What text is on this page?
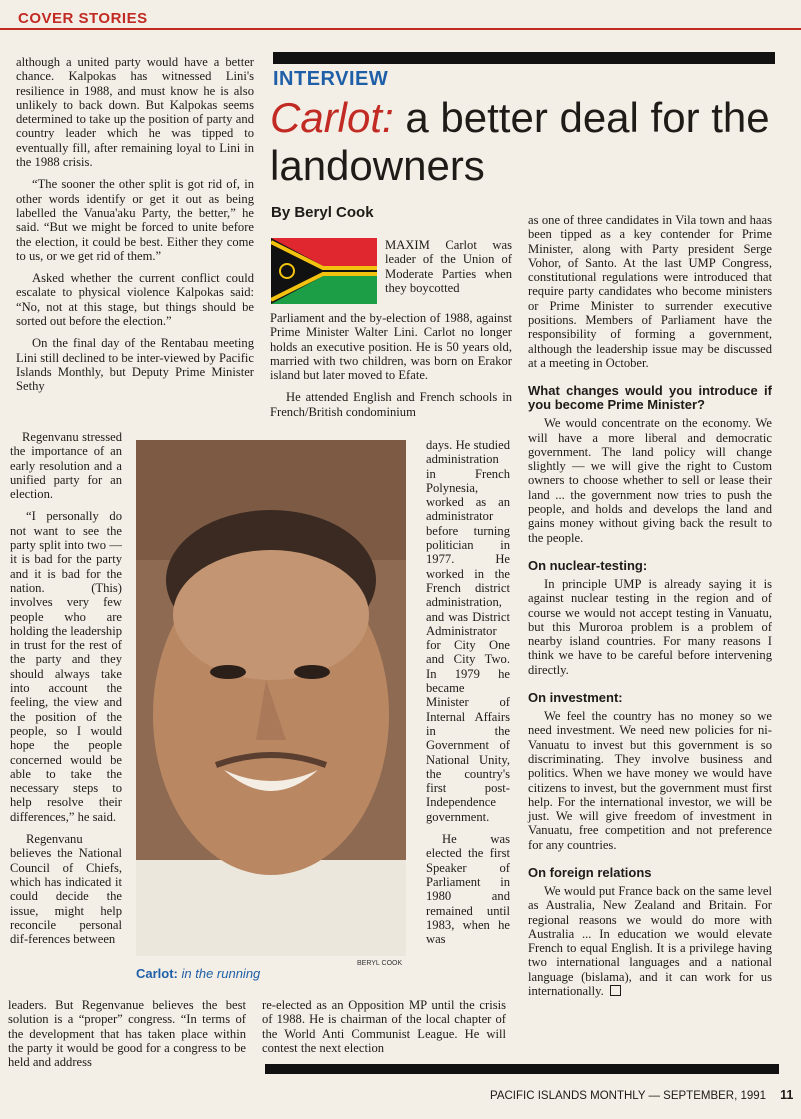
COVER STORIES

although a united party would have a better chance. Kalpokas has witnessed Lini's resilience in 1988, and must know he is also unlikely to back down. But Kalpokas seems determined to take up the position of party and country leader which he was tipped to eventually fill, after remaining loyal to Lini in the 1988 crisis.

“The sooner the other split is got rid of, in other words identify or get it out as being labelled the Vanua'aku Party, the better,” he said. “But we might be forced to unite before the election, it could be best. Either they come to us, or we get rid of them.”

Asked whether the current conflict could escalate to physical violence Kalpokas said: “No, not at this stage, but things should be sorted out before the election.”

On the final day of the Rentabau meeting Lini still declined to be inter-viewed by Pacific Islands Monthly, but Deputy Prime Minister Sethy

Regenvanu stressed the importance of an early resolution and a unified party for an election.

“I personally do not want to see the party split into two — it is bad for the party and it is bad for the nation. (This) involves very few people who are holding the leadership in trust for the rest of the party and they should always take into account the feeling, the view and the position of the people, so I would hope the people concerned would be able to take the necessary steps to help resolve their differences,” he said.

Regenvanu believes the National Council of Chiefs, which has indicated it could decide the issue, might help reconcile personal dif-ferences between

leaders. But Regenvanue believes the best solution is a “proper” congress. “In terms of the development that has taken place within the party it would be good for a congress to be held and address

INTERVIEW
Carlot: a better deal for the landowners
By Beryl Cook

MAXIM Carlot was leader of the Union of Moderate Parties when they boycotted

Parliament and the by-election of 1988, against Prime Minister Walter Lini. Carlot no longer holds an executive position. He is 50 years old, married with two children, was born on Erakor island but later moved to Efate.

He attended English and French schools in French/British condominium

days. He studied administration in French Polynesia, worked as an administrator before turning politician in 1977. He worked in the French district administration, and was District Administrator for City One and City Two. In 1979 he became Minister of Internal Affairs in the Government of National Unity, the country's first post-Independence government.

He was elected the first Speaker of Parliament in 1980 and remained until 1983, when he was

re-elected as an Opposition MP until the crisis of 1988. He is chairman of the local chapter of the World Anti Communist League. He will contest the next election

BERYL COOK
Carlot: in the running

as one of three candidates in Vila town and haas been tipped as a key contender for Prime Minister, along with Party president Serge Vohor, of Santo. At the last UMP Congress, constitutional regulations were introduced that require party candidates who become ministers or Prime Minister to surrender executive positions. Members of Parliament have the responsibility of forming a government, although the leadership issue may be discussed at a meeting in October.

What changes would you introduce if you become Prime Minister?

We would concentrate on the economy. We will have a more liberal and democratic government. The land policy will change slightly — we will give the right to Custom owners to choose whether to sell or lease their land ... the government now tries to push the people, and holds and develops the land and gains money without giving back the result to the people.

On nuclear-testing:

In principle UMP is already saying it is against nuclear testing in the region and of course we would not accept testing in Vanuatu, but this Muroroa problem is a problem of nearby island countries. For many reasons I think we have to be careful before intervening directly.

On investment:

We feel the country has no money so we need investment. We need new policies for ni-Vanuatu to invest but this government is so discriminating. They involve business and politics. When we have money we would have citizens to invest, but the government must first help. For the international investor, we will be just. We will give freedom of investment in Vanuatu, free competition and not preference for any countries.

On foreign relations

We would put France back on the same level as Australia, New Zealand and Britain. For regional reasons we would do more with Australia ... In education we would elevate French to equal English. It is a privilege having two international languages and a national language (bislama), and it can work for us internationally.

PACIFIC ISLANDS MONTHLY — SEPTEMBER, 1991 11
